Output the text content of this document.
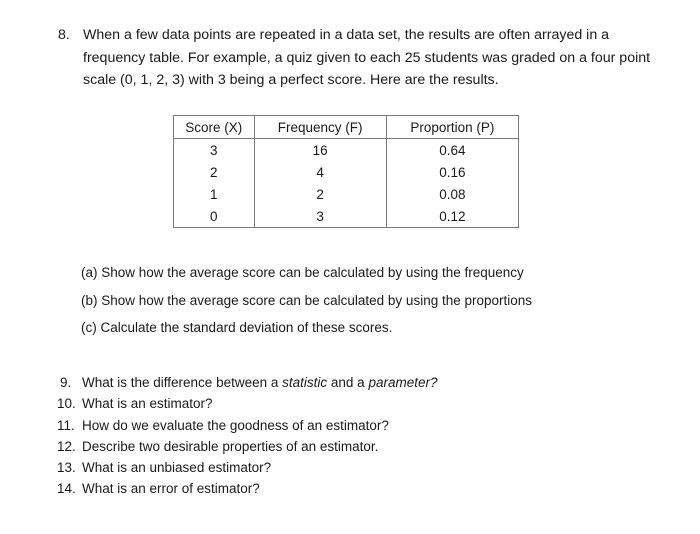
8. When a few data points are repeated in a data set, the results are often arrayed in a
frequency table. For example, a quiz given to each 25 students was graded on a four point
scale (0, 1, 2, 3) with 3 being a perfect score. Here are the results.
Score (X)	Frequency (F)	Proportion (P)
3	16	0.64
2	4	0.16
1	2	0.08
0	3	0.12
(a) Show how the average score can be calculated by using the frequency
(b) Show how the average score can be calculated by using the proportions
(c) Calculate the standard deviation of these scores.
9. What is the difference between a statistic and a parameter?
10. What is an estimator?
11. How do we evaluate the goodness of an estimator?
12. Describe two desirable properties of an estimator.
13. What is an unbiased estimator?
14. What is an error of estimator?
